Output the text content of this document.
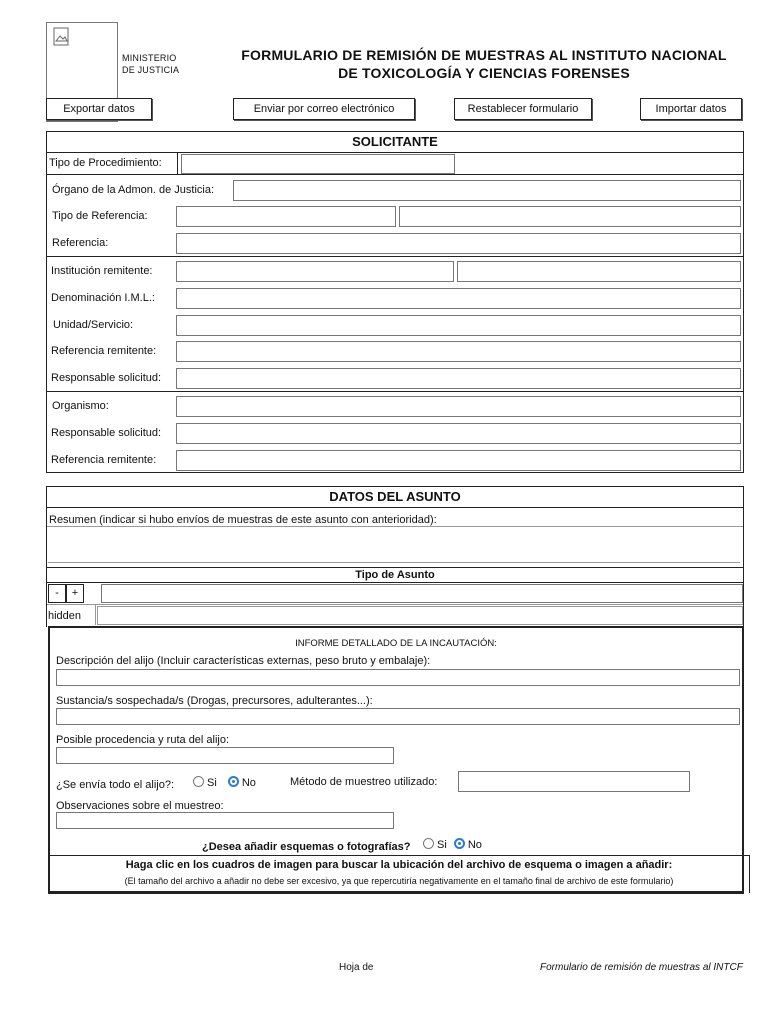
MINISTERIO
DE JUSTICIA
FORMULARIO DE REMISIÓN DE MUESTRAS AL INSTITUTO NACIONAL
DE TOXICOLOGÍA Y CIENCIAS FORENSES
Exportar datos	Enviar por correo electrónico	Restablecer formulario	Importar datos
SOLICITANTE
Tipo de Procedimiento:
Órgano de la Admon. de Justicia:
Tipo de Referencia:
Referencia:
Institución remitente:
Denominación I.M.L.:
Unidad/Servicio:
Referencia remitente:
Responsable solicitud:
Organismo:
Responsable solicitud:
Referencia remitente:
DATOS DEL ASUNTO
Resumen (indicar si hubo envíos de muestras de este asunto con anterioridad):
Tipo de Asunto
-	+
hidden
INFORME DETALLADO DE LA INCAUTACIÓN:
Descripción del alijo (Incluir características externas, peso bruto y embalaje):
Sustancia/s sospechada/s (Drogas, precursores, adulterantes...):
Posible procedencia y ruta del alijo:
¿Se envía todo el alijo?:	Si No	Método de muestreo utilizado:
Observaciones sobre el muestreo:
¿Desea añadir esquemas o fotografías?	Si No
Haga clic en los cuadros de imagen para buscar la ubicación del archivo de esquema o imagen a añadir:
(El tamaño del archivo a añadir no debe ser excesivo, ya que repercutiría negativamente en el tamaño final de archivo de este formulario)
Hoja de	Formulario de remisión de muestras al INTCF
